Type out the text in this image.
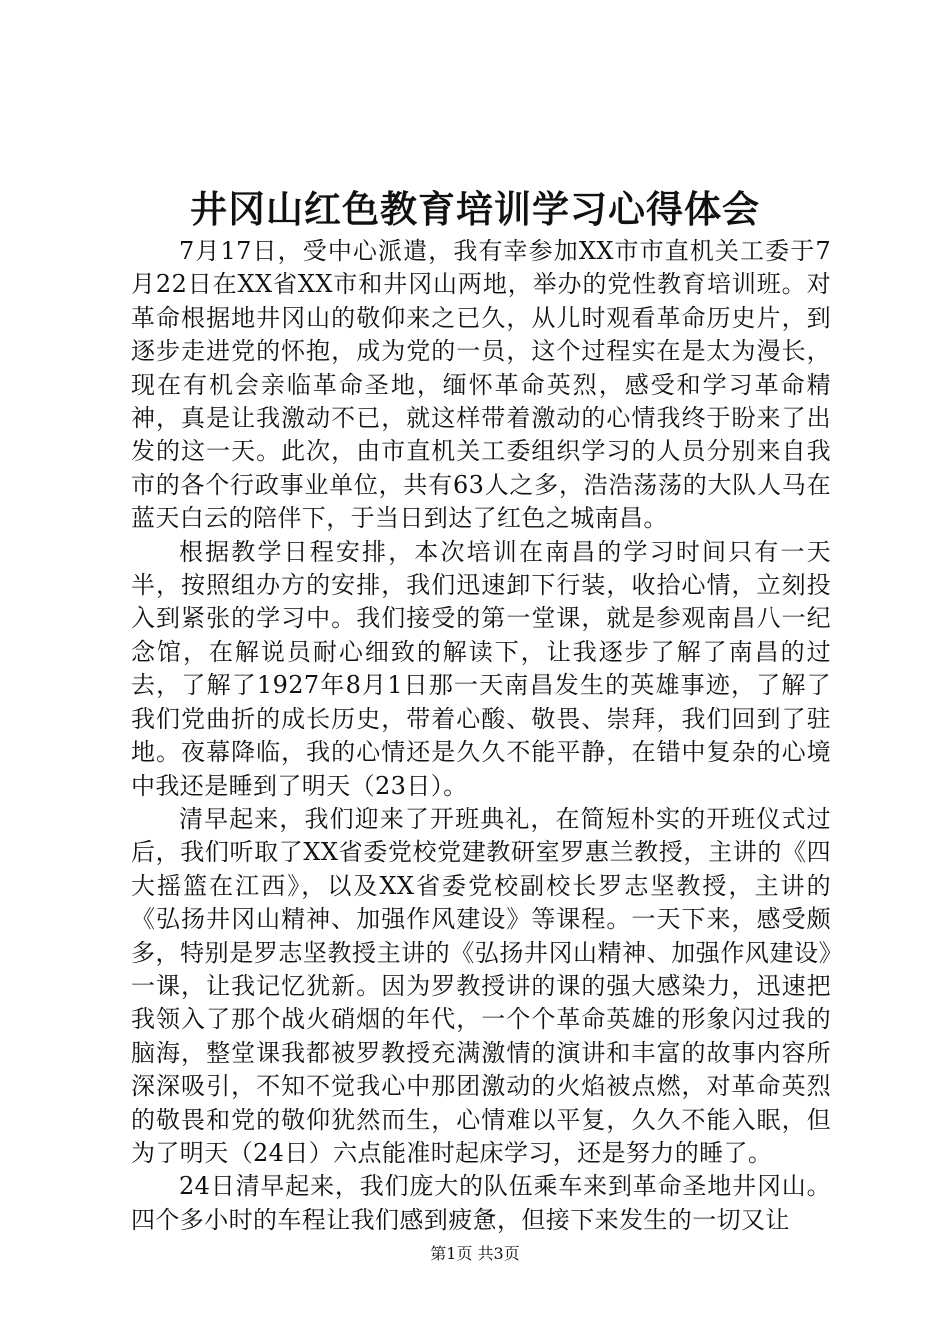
井冈山红色教育培训学习心得体会

7月17日，受中心派遣，我有幸参加XX市市直机关工委于7月22日在XX省XX市和井冈山两地，举办的党性教育培训班。对革命根据地井冈山的敬仰来之已久，从儿时观看革命历史片，到逐步走进党的怀抱，成为党的一员，这个过程实在是太为漫长，现在有机会亲临革命圣地，缅怀革命英烈，感受和学习革命精神，真是让我激动不已，就这样带着激动的心情我终于盼来了出发的这一天。此次，由市直机关工委组织学习的人员分别来自我市的各个行政事业单位，共有63人之多，浩浩荡荡的大队人马在蓝天白云的陪伴下，于当日到达了红色之城南昌。

根据教学日程安排，本次培训在南昌的学习时间只有一天半，按照组办方的安排，我们迅速卸下行装，收拾心情，立刻投入到紧张的学习中。我们接受的第一堂课，就是参观南昌八一纪念馆，在解说员耐心细致的解读下，让我逐步了解了南昌的过去，了解了1927年8月1日那一天南昌发生的英雄事迹，了解了我们党曲折的成长历史，带着心酸、敬畏、崇拜，我们回到了驻地。夜幕降临，我的心情还是久久不能平静，在错中复杂的心境中我还是睡到了明天（23日）。

清早起来，我们迎来了开班典礼，在简短朴实的开班仪式过后，我们听取了XX省委党校党建教研室罗惠兰教授，主讲的《四大摇篮在江西》，以及XX省委党校副校长罗志坚教授，主讲的《弘扬井冈山精神、加强作风建设》等课程。一天下来，感受颇多，特别是罗志坚教授主讲的《弘扬井冈山精神、加强作风建设》一课，让我记忆犹新。因为罗教授讲的课的强大感染力，迅速把我领入了那个战火硝烟的年代，一个个革命英雄的形象闪过我的脑海，整堂课我都被罗教授充满激情的演讲和丰富的故事内容所深深吸引，不知不觉我心中那团激动的火焰被点燃，对革命英烈的敬畏和党的敬仰犹然而生，心情难以平复，久久不能入眠，但为了明天（24日）六点能准时起床学习，还是努力的睡了。

24日清早起来，我们庞大的队伍乘车来到革命圣地井冈山。四个多小时的车程让我们感到疲惫，但接下来发生的一切又让

第1页 共3页
